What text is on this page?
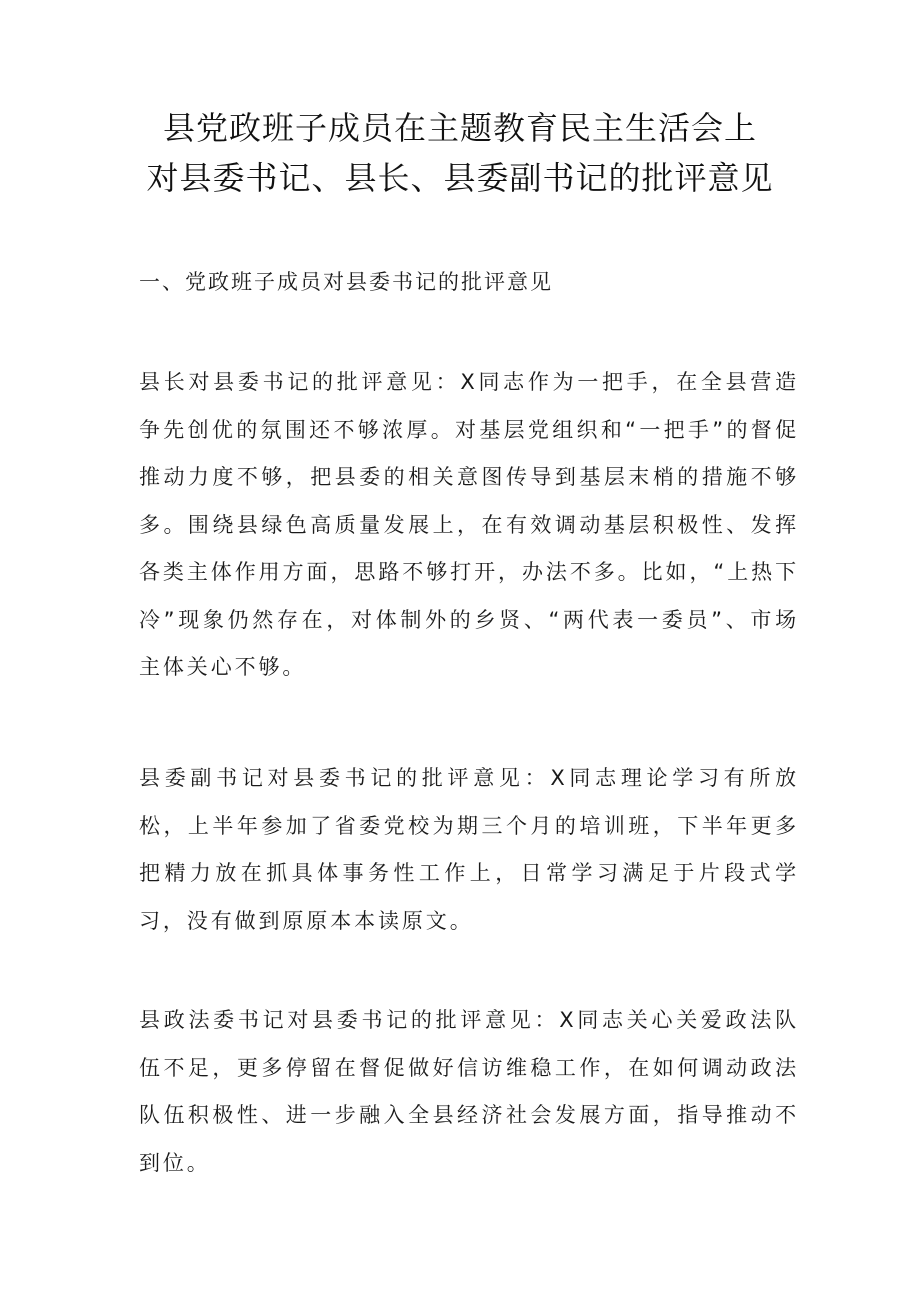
县党政班子成员在主题教育民主生活会上
对县委书记、县长、县委副书记的批评意见
一、党政班子成员对县委书记的批评意见

县长对县委书记的批评意见：X同志作为一把手，在全县营造争先创优的氛围还不够浓厚。对基层党组织和“一把手”的督促推动力度不够，把县委的相关意图传导到基层末梢的措施不够多。围绕县绿色高质量发展上，在有效调动基层积极性、发挥各类主体作用方面，思路不够打开，办法不多。比如，“上热下冷”现象仍然存在，对体制外的乡贤、“两代表一委员”、市场主体关心不够。

县委副书记对县委书记的批评意见：X同志理论学习有所放松，上半年参加了省委党校为期三个月的培训班，下半年更多把精力放在抓具体事务性工作上，日常学习满足于片段式学习，没有做到原原本本读原文。

县政法委书记对县委书记的批评意见：X同志关心关爱政法队伍不足，更多停留在督促做好信访维稳工作，在如何调动政法队伍积极性、进一步融入全县经济社会发展方面，指导推动不到位。
